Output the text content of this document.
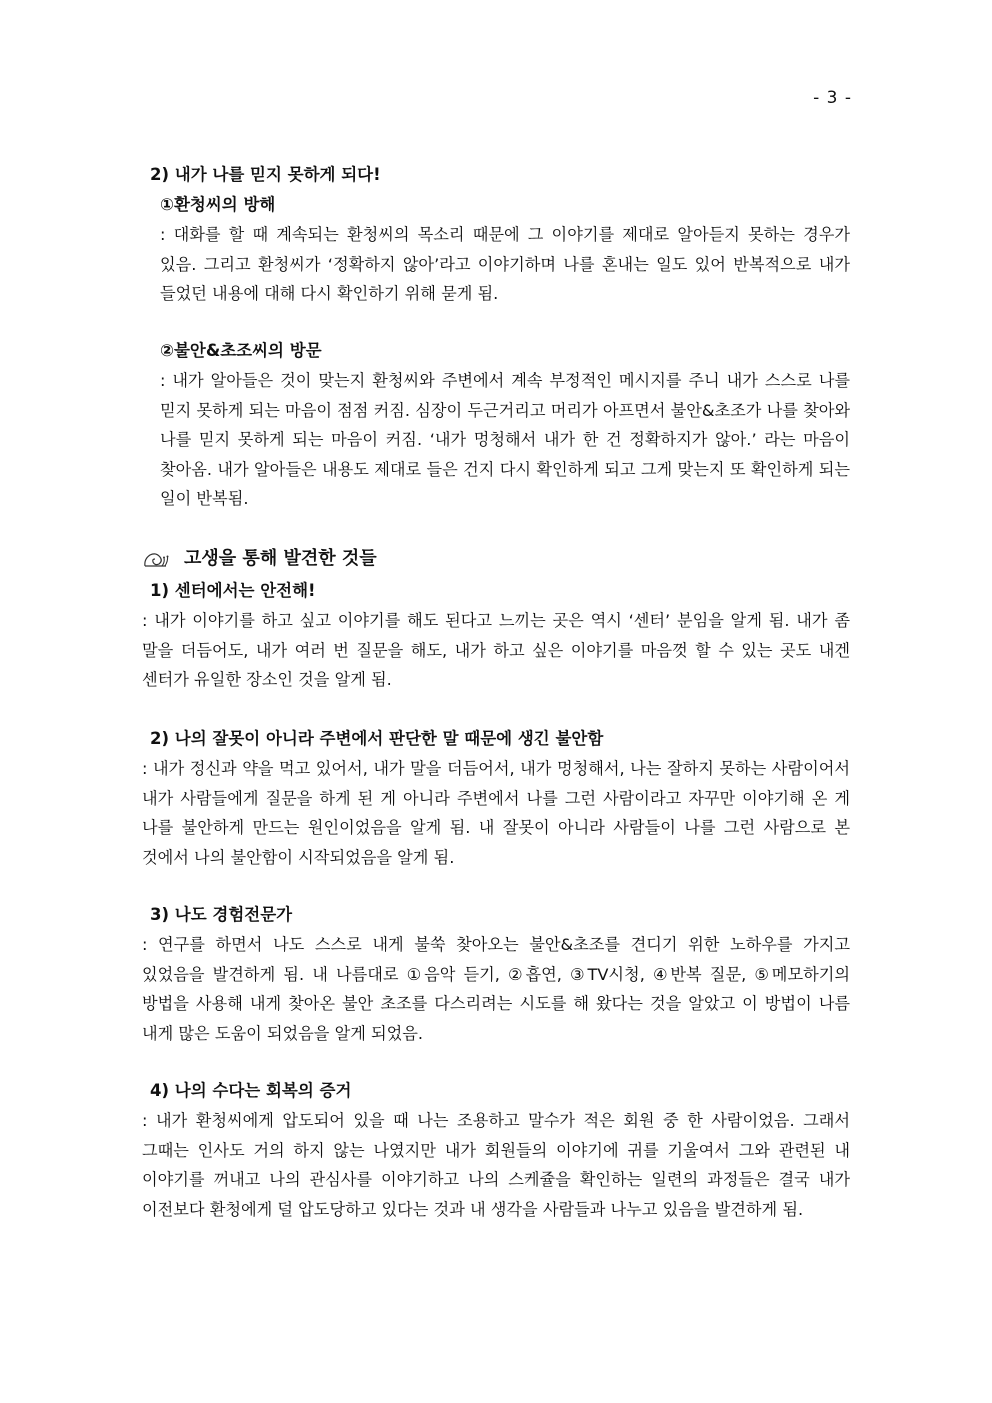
- 3 -

2) 내가 나를 믿지 못하게 되다!

①환청씨의 방해

: 대화를 할 때 계속되는 환청씨의 목소리 때문에 그 이야기를 제대로 알아듣지 못하는 경우가 있음. 그리고 환청씨가 ‘정확하지 않아’라고 이야기하며 나를 혼내는 일도 있어 반복적으로 내가 들었던 내용에 대해 다시 확인하기 위해 묻게 됨.

②불안&초조씨의 방문

: 내가 알아들은 것이 맞는지 환청씨와 주변에서 계속 부정적인 메시지를 주니 내가 스스로 나를 믿지 못하게 되는 마음이 점점 커짐. 심장이 두근거리고 머리가 아프면서 불안&초조가 나를 찾아와 나를 믿지 못하게 되는 마음이 커짐. ‘내가 멍청해서 내가 한 건 정확하지가 않아.’ 라는 마음이 찾아옴. 내가 알아들은 내용도 제대로 들은 건지 다시 확인하게 되고 그게 맞는지 또 확인하게 되는 일이 반복됨.

고생을 통해 발견한 것들

1) 센터에서는 안전해!

: 내가 이야기를 하고 싶고 이야기를 해도 된다고 느끼는 곳은 역시 ‘센터’ 분임을 알게 됨. 내가 좀 말을 더듬어도, 내가 여러 번 질문을 해도, 내가 하고 싶은 이야기를 마음껏 할 수 있는 곳도 내겐 센터가 유일한 장소인 것을 알게 됨.

2) 나의 잘못이 아니라 주변에서 판단한 말 때문에 생긴 불안함

: 내가 정신과 약을 먹고 있어서, 내가 말을 더듬어서, 내가 멍청해서, 나는 잘하지 못하는 사람이어서 내가 사람들에게 질문을 하게 된 게 아니라 주변에서 나를 그런 사람이라고 자꾸만 이야기해 온 게 나를 불안하게 만드는 원인이었음을 알게 됨. 내 잘못이 아니라 사람들이 나를 그런 사람으로 본 것에서 나의 불안함이 시작되었음을 알게 됨.

3) 나도 경험전문가

: 연구를 하면서 나도 스스로 내게 불쑥 찾아오는 불안&초조를 견디기 위한 노하우를 가지고 있었음을 발견하게 됨. 내 나름대로 ①음악 듣기, ②흡연, ③TV시청, ④반복 질문, ⑤메모하기의 방법을 사용해 내게 찾아온 불안 초조를 다스리려는 시도를 해 왔다는 것을 알았고 이 방법이 나름 내게 많은 도움이 되었음을 알게 되었음.

4) 나의 수다는 회복의 증거

: 내가 환청씨에게 압도되어 있을 때 나는 조용하고 말수가 적은 회원 중 한 사람이었음. 그래서 그때는 인사도 거의 하지 않는 나였지만 내가 회원들의 이야기에 귀를 기울여서 그와 관련된 내 이야기를 꺼내고 나의 관심사를 이야기하고 나의 스케쥴을 확인하는 일련의 과정들은 결국 내가 이전보다 환청에게 덜 압도당하고 있다는 것과 내 생각을 사람들과 나누고 있음을 발견하게 됨.
